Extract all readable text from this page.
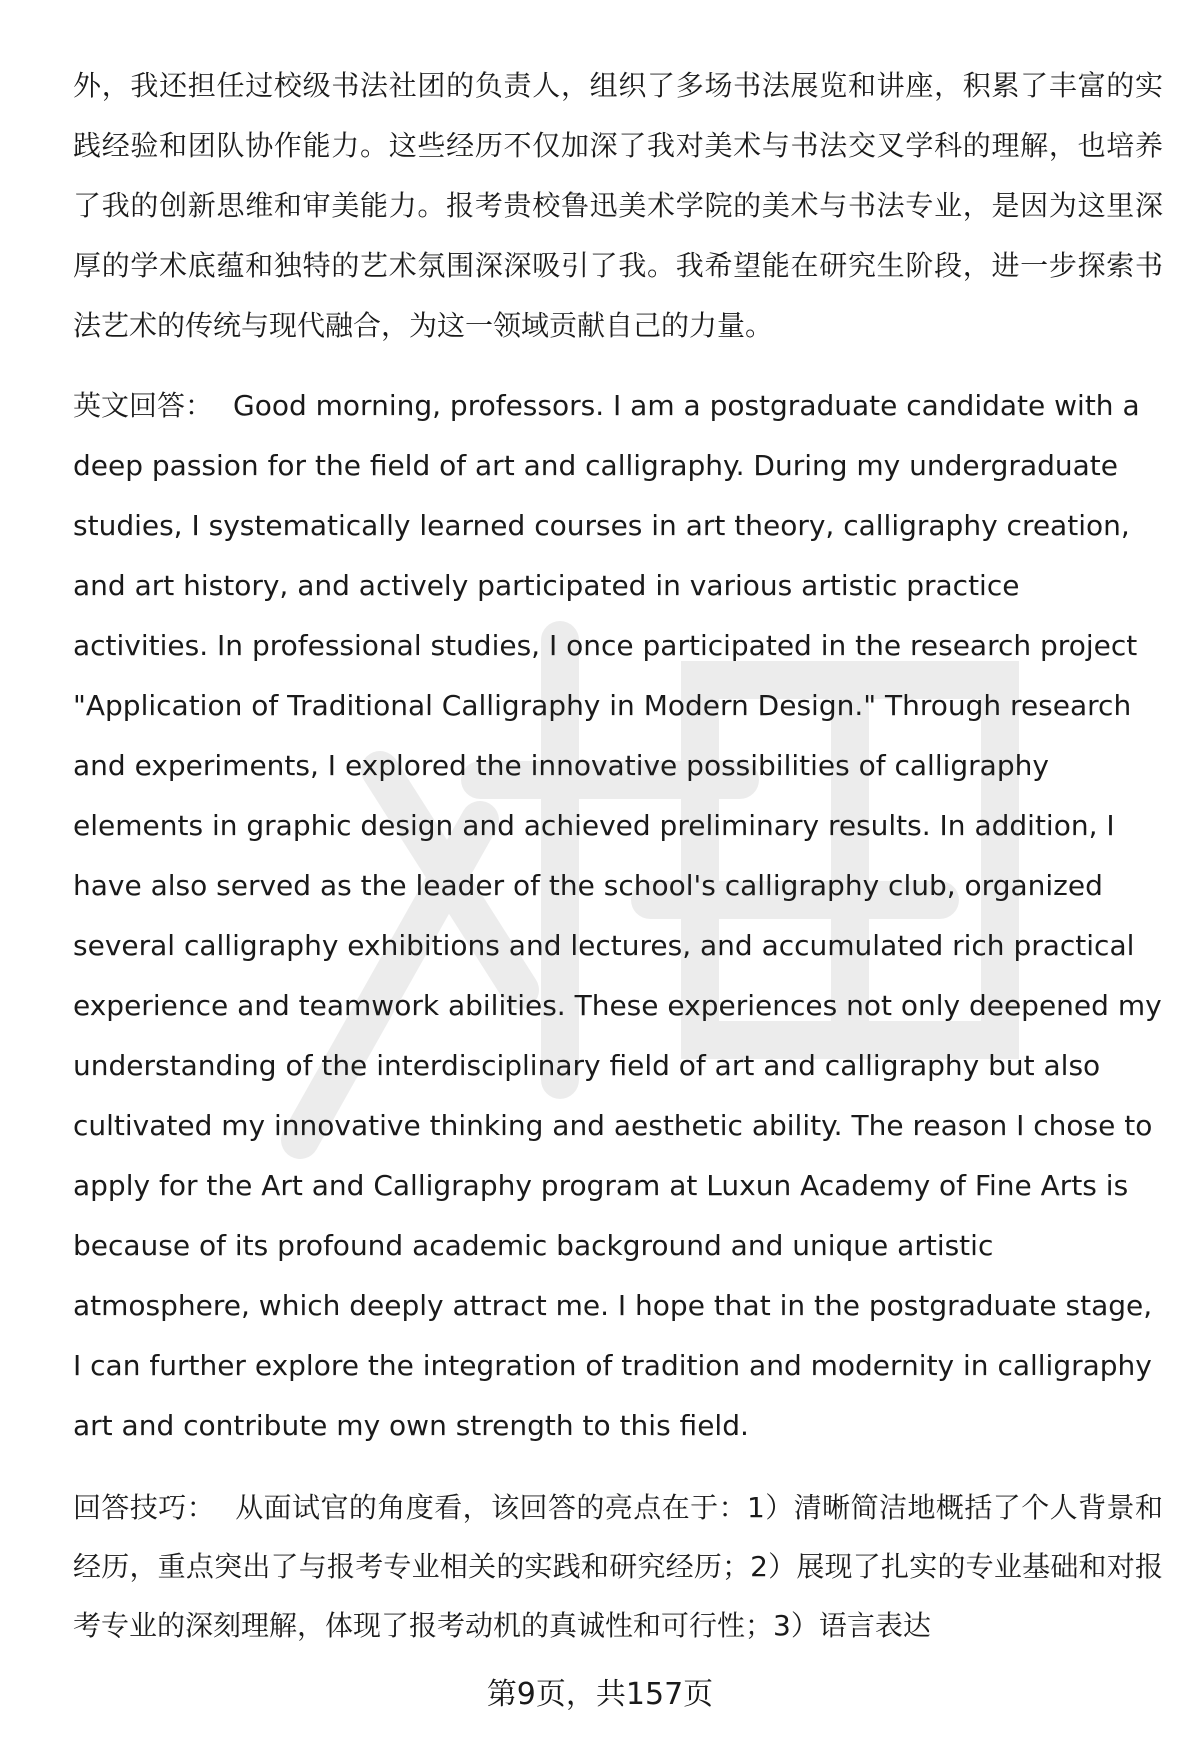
外，我还担任过校级书法社团的负责人，组织了多场书法展览和讲座，积累了丰富的实践经验和团队协作能力。这些经历不仅加深了我对美术与书法交叉学科的理解，也培养了我的创新思维和审美能力。报考贵校鲁迅美术学院的美术与书法专业，是因为这里深厚的学术底蕴和独特的艺术氛围深深吸引了我。我希望能在研究生阶段，进一步探索书法艺术的传统与现代融合，为这一领域贡献自己的力量。

英文回答： Good morning, professors. I am a postgraduate candidate with a deep passion for the field of art and calligraphy. During my undergraduate studies, I systematically learned courses in art theory, calligraphy creation, and art history, and actively participated in various artistic practice activities. In professional studies, I once participated in the research project "Application of Traditional Calligraphy in Modern Design." Through research and experiments, I explored the innovative possibilities of calligraphy elements in graphic design and achieved preliminary results. In addition, I have also served as the leader of the school's calligraphy club, organized several calligraphy exhibitions and lectures, and accumulated rich practical experience and teamwork abilities. These experiences not only deepened my understanding of the interdisciplinary field of art and calligraphy but also cultivated my innovative thinking and aesthetic ability. The reason I chose to apply for the Art and Calligraphy program at Luxun Academy of Fine Arts is because of its profound academic background and unique artistic atmosphere, which deeply attract me. I hope that in the postgraduate stage, I can further explore the integration of tradition and modernity in calligraphy art and contribute my own strength to this field.

回答技巧： 从面试官的角度看，该回答的亮点在于：1）清晰简洁地概括了个人背景和经历，重点突出了与报考专业相关的实践和研究经历；2）展现了扎实的专业基础和对报考专业的深刻理解，体现了报考动机的真诚性和可行性；3）语言表达

第9页，共157页
